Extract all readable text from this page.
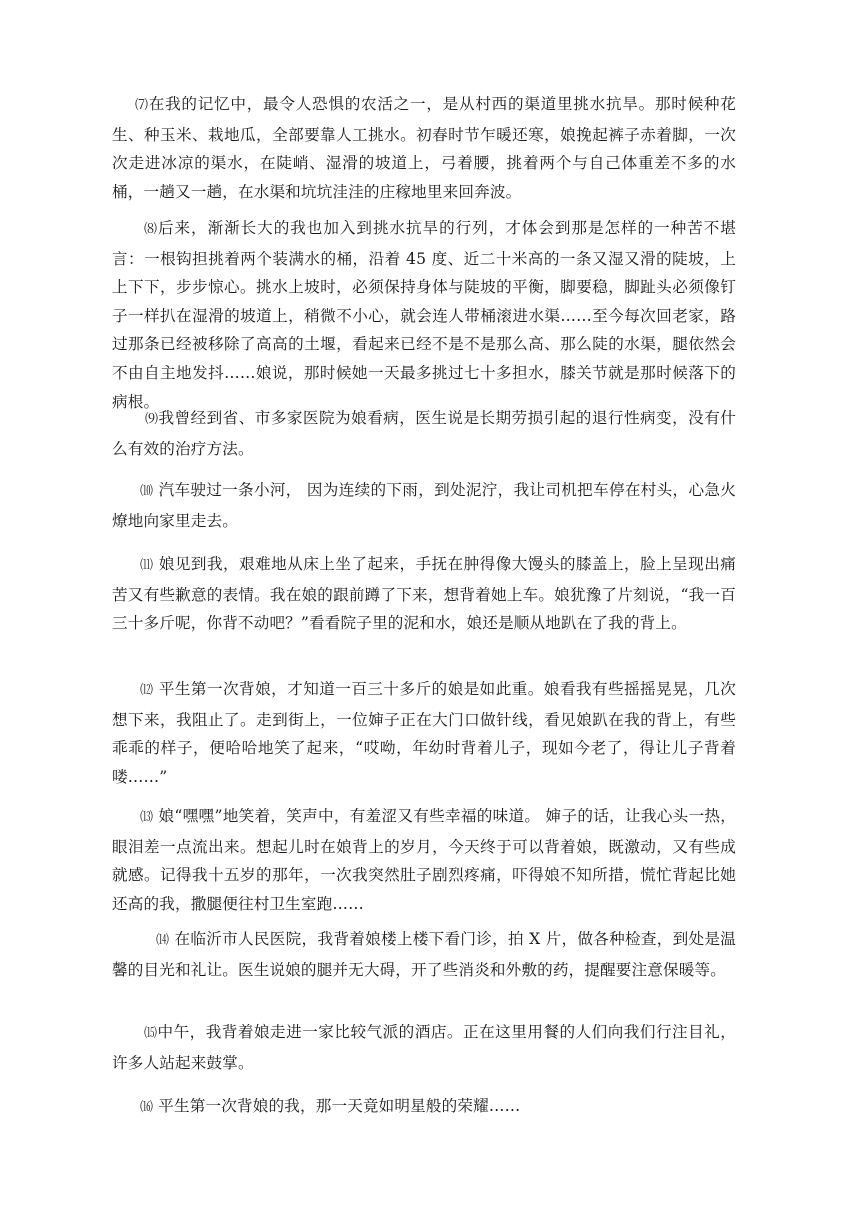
⑺在我的记忆中，最令人恐惧的农活之一，是从村西的渠道里挑水抗旱。那时候种花生、种玉米、栽地瓜，全部要靠人工挑水。初春时节乍暖还寒，娘挽起裤子赤着脚，一次次走进冰凉的渠水，在陡峭、湿滑的坡道上，弓着腰，挑着两个与自己体重差不多的水桶，一趟又一趟，在水渠和坑坑洼洼的庄稼地里来回奔波。

⑻后来，渐渐长大的我也加入到挑水抗旱的行列，才体会到那是怎样的一种苦不堪言：一根钩担挑着两个装满水的桶，沿着 45 度、近二十米高的一条又湿又滑的陡坡，上上下下，步步惊心。挑水上坡时，必须保持身体与陡坡的平衡，脚要稳，脚趾头必须像钉子一样扒在湿滑的坡道上，稍微不小心，就会连人带桶滚进水渠……至今每次回老家，路过那条已经被移除了高高的土堰，看起来已经不是不是那么高、那么陡的水渠，腿依然会不由自主地发抖……娘说，那时候她一天最多挑过七十多担水，膝关节就是那时候落下的病根。

⑼我曾经到省、市多家医院为娘看病，医生说是长期劳损引起的退行性病变，没有什么有效的治疗方法。

⑽ 汽车驶过一条小河， 因为连续的下雨，到处泥泞，我让司机把车停在村头，心急火燎地向家里走去。

⑾ 娘见到我，艰难地从床上坐了起来，手抚在肿得像大馒头的膝盖上，脸上呈现出痛苦又有些歉意的表情。我在娘的跟前蹲了下来，想背着她上车。娘犹豫了片刻说，“我一百三十多斤呢，你背不动吧？”看看院子里的泥和水，娘还是顺从地趴在了我的背上。

⑿ 平生第一次背娘，才知道一百三十多斤的娘是如此重。娘看我有些摇摇晃晃，几次想下来，我阻止了。走到街上，一位婶子正在大门口做针线，看见娘趴在我的背上，有些乖乖的样子，便哈哈地笑了起来，“哎呦，年幼时背着儿子，现如今老了，得让儿子背着喽……”

⒀ 娘“嘿嘿”地笑着，笑声中，有羞涩又有些幸福的味道。 婶子的话，让我心头一热，眼泪差一点流出来。想起儿时在娘背上的岁月，今天终于可以背着娘，既激动，又有些成就感。记得我十五岁的那年，一次我突然肚子剧烈疼痛，吓得娘不知所措，慌忙背起比她还高的我，撒腿便往村卫生室跑……

⒁ 在临沂市人民医院，我背着娘楼上楼下看门诊，拍 X 片，做各种检查，到处是温馨的目光和礼让。医生说娘的腿并无大碍，开了些消炎和外敷的药，提醒要注意保暖等。

⒂中午，我背着娘走进一家比较气派的酒店。正在这里用餐的人们向我们行注目礼，许多人站起来鼓掌。

⒃ 平生第一次背娘的我，那一天竟如明星般的荣耀……
